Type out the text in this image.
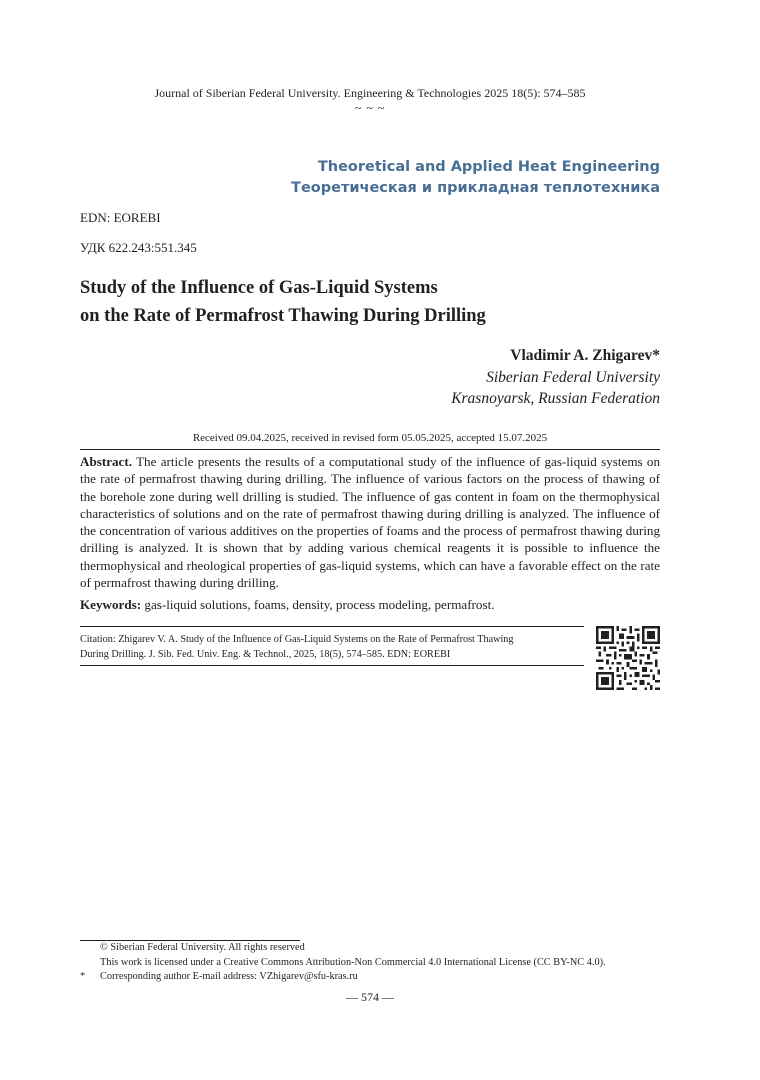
Journal of Siberian Federal University. Engineering & Technologies 2025 18(5): 574–585
~ ~ ~
Theoretical and Applied Heat Engineering
Теоретическая и прикладная теплотехника
EDN: EOREBI
УДК 622.243:551.345
Study of the Influence of Gas-Liquid Systems
on the Rate of Permafrost Thawing During Drilling
Vladimir A. Zhigarev*
Siberian Federal University
Krasnoyarsk, Russian Federation
Received 09.04.2025, received in revised form 05.05.2025, accepted 15.07.2025
Abstract. The article presents the results of a computational study of the influence of gas-liquid systems on the rate of permafrost thawing during drilling. The influence of various factors on the process of thawing of the borehole zone during well drilling is studied. The influence of gas content in foam on the thermophysical characteristics of solutions and on the rate of permafrost thawing during drilling is analyzed. The influence of the concentration of various additives on the properties of foams and the process of permafrost thawing during drilling is analyzed. It is shown that by adding various chemical reagents it is possible to influence the thermophysical and rheological properties of gas-liquid systems, which can have a favorable effect on the rate of permafrost thawing during drilling.
Keywords: gas-liquid solutions, foams, density, process modeling, permafrost.
Citation: Zhigarev V. A. Study of the Influence of Gas-Liquid Systems on the Rate of Permafrost Thawing
During Drilling. J. Sib. Fed. Univ. Eng. & Technol., 2025, 18(5), 574–585. EDN: EOREBI
© Siberian Federal University. All rights reserved
This work is licensed under a Creative Commons Attribution-Non Commercial 4.0 International License (CC BY-NC 4.0).
* Corresponding author E-mail address: VZhigarev@sfu-kras.ru
— 574 —
